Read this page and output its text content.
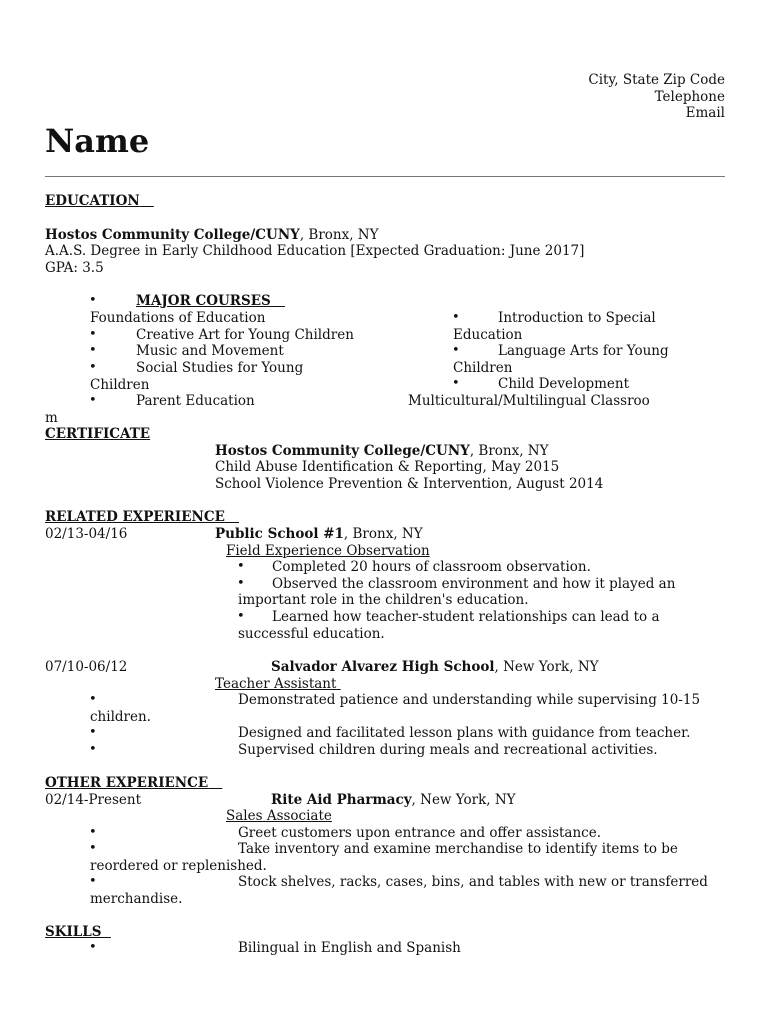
City, State Zip Code
Telephone
Email
Name
EDUCATION
Hostos Community College/CUNY, Bronx, NY
A.A.S. Degree in Early Childhood Education [Expected Graduation: June 2017]
GPA: 3.5
•	MAJOR COURSES
Foundations of Education
•	Creative Art for Young Children
•	Music and Movement
•	Social Studies for Young
Children
•	Parent Education
•	Introduction to Special
Education
•	Language Arts for Young
Children
•	Child Development
Multicultural/Multilingual Classroo
m
CERTIFICATE
Hostos Community College/CUNY, Bronx, NY
Child Abuse Identification & Reporting, May 2015
School Violence Prevention & Intervention, August 2014
RELATED EXPERIENCE
02/13-04/16	Public School #1, Bronx, NY
Field Experience Observation
• Completed 20 hours of classroom observation.
• Observed the classroom environment and how it played an
important role in the children's education.
• Learned how teacher-student relationships can lead to a
successful education.
07/10-06/12	Salvador Alvarez High School, New York, NY
Teacher Assistant
•	Demonstrated patience and understanding while supervising 10-15
children.
•	Designed and facilitated lesson plans with guidance from teacher.
•	Supervised children during meals and recreational activities.
OTHER EXPERIENCE
02/14-Present	Rite Aid Pharmacy, New York, NY
Sales Associate
•	Greet customers upon entrance and offer assistance.
•	Take inventory and examine merchandise to identify items to be
reordered or replenished.
•	Stock shelves, racks, cases, bins, and tables with new or transferred
merchandise.
SKILLS
•	Bilingual in English and Spanish
